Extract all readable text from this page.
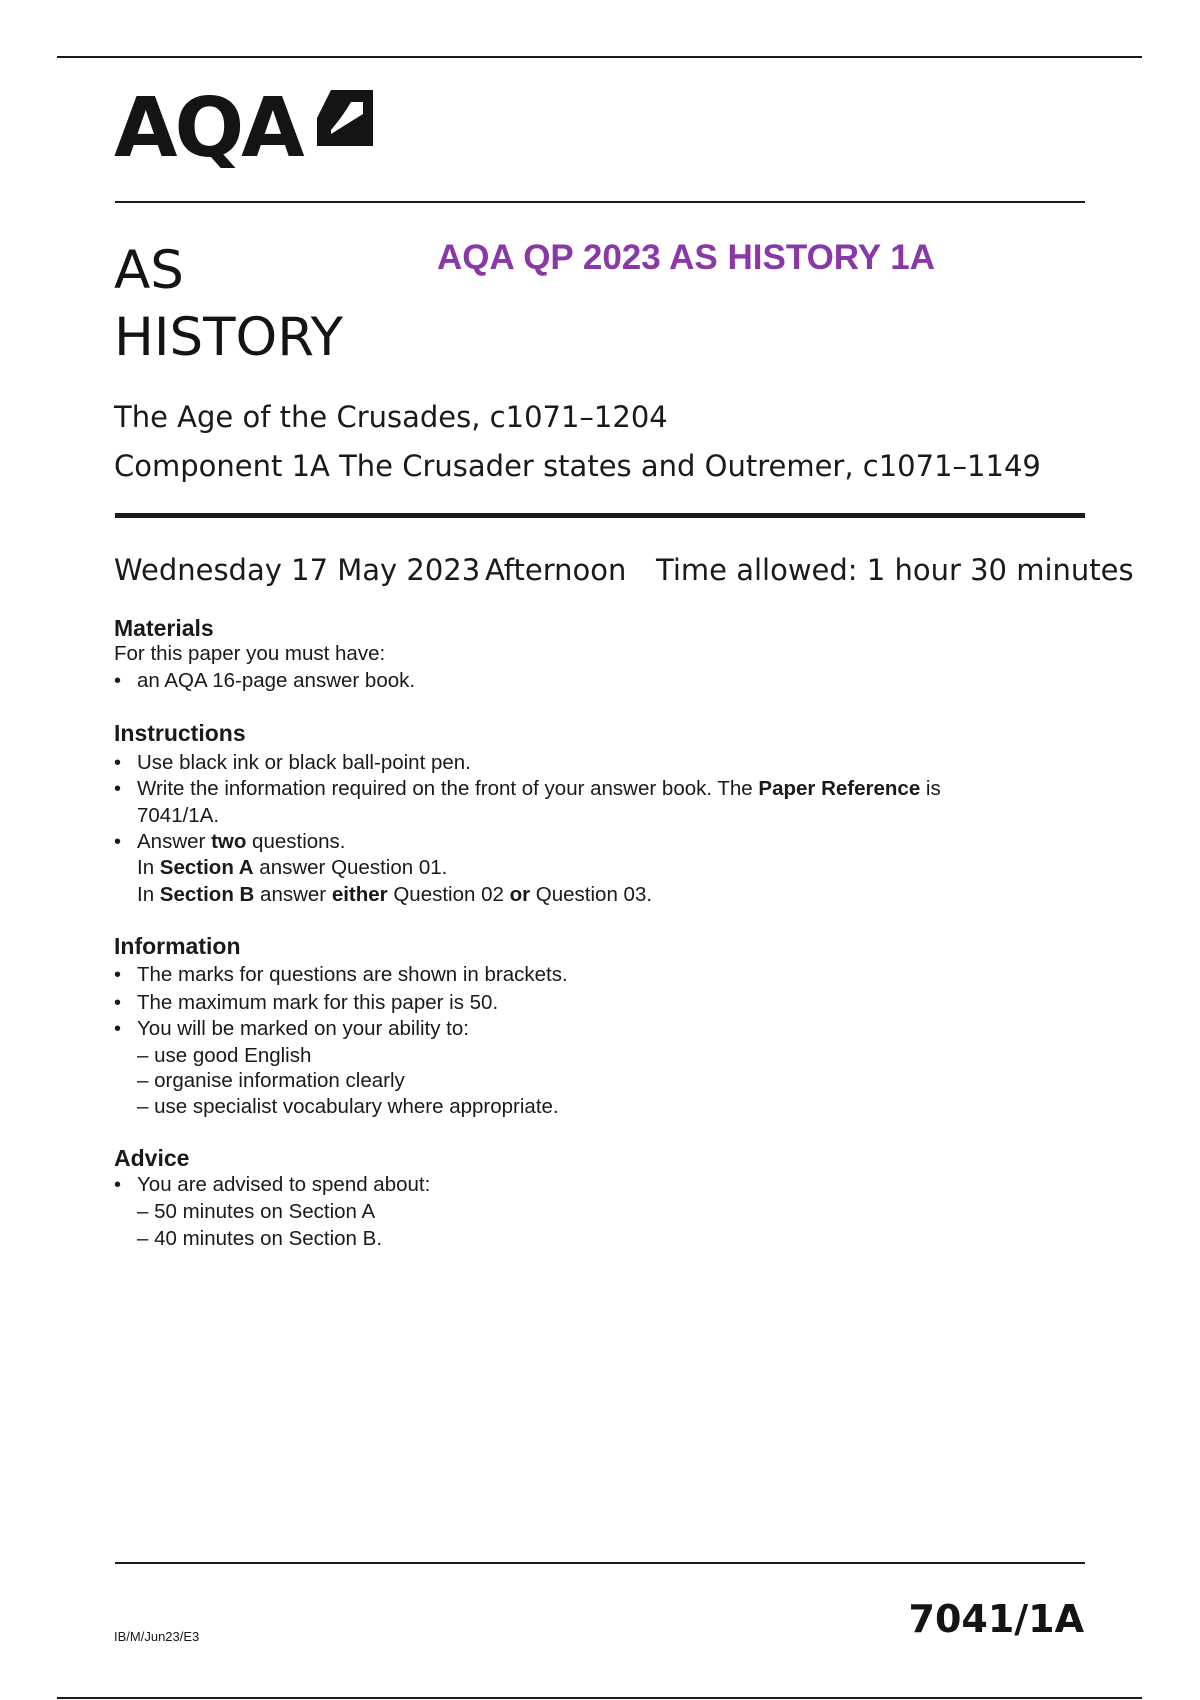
AQA
AS
HISTORY
AQA QP 2023 AS HISTORY 1A
The Age of the Crusades, c1071–1204
Component 1A The Crusader states and Outremer, c1071–1149
Wednesday 17 May 2023 Afternoon Time allowed: 1 hour 30 minutes
Materials
For this paper you must have:
• an AQA 16-page answer book.
Instructions
• Use black ink or black ball-point pen.
• Write the information required on the front of your answer book. The Paper Reference is
7041/1A.
• Answer two questions.
In Section A answer Question 01.
In Section B answer either Question 02 or Question 03.
Information
• The marks for questions are shown in brackets.
• The maximum mark for this paper is 50.
• You will be marked on your ability to:
– use good English
– organise information clearly
– use specialist vocabulary where appropriate.
Advice
• You are advised to spend about:
– 50 minutes on Section A
– 40 minutes on Section B.
IB/M/Jun23/E3	7041/1A
